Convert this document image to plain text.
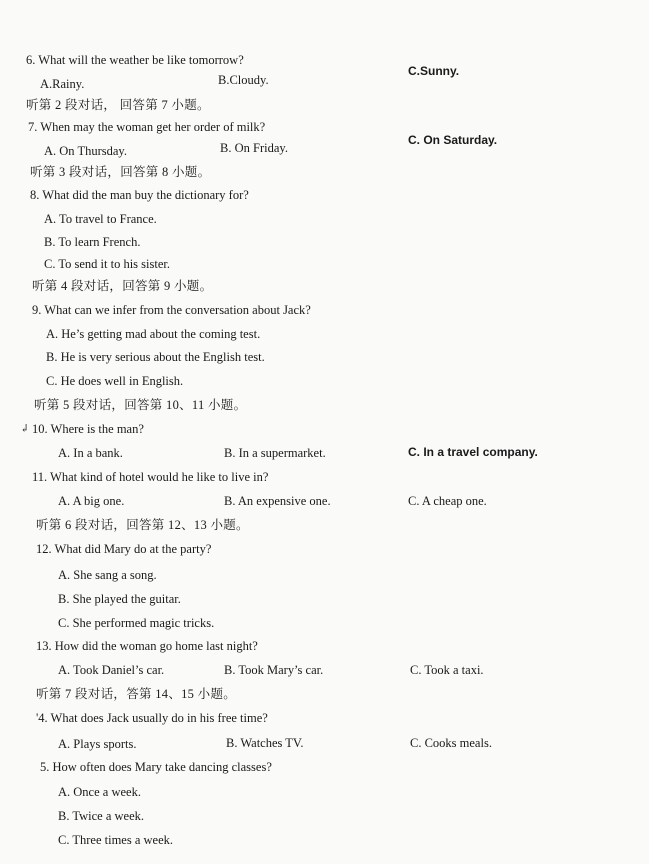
6. What will the weather be like tomorrow?
A.Rainy.	B.Cloudy.
C.Sunny.
听第 2 段对话， 回答第 7 小题。
7. When may the woman get her order of milk?
A. On Thursday.	B. On Friday.
C. On Saturday.
听第 3 段对话，回答第 8 小题。
8. What did the man buy the dictionary for?
A. To travel to France.
B. To learn French.
C. To send it to his sister.
听第 4 段对话，回答第 9 小题。
9. What can we infer from the conversation about Jack?
A. He’s getting mad about the coming test.
B. He is very serious about the English test.
C. He does well in English.
听第 5 段对话，回答第 10、11 小题。
↲ 10. Where is the man?
A. In a bank.	B. In a supermarket.	C. In a travel company.
11. What kind of hotel would he like to live in?
A. A big one.	B. An expensive one.	C. A cheap one.
听第 6 段对话，回答第 12、13 小题。
12. What did Mary do at the party?
A. She sang a song.
B. She played the guitar.
C. She performed magic tricks.
13. How did the woman go home last night?
A. Took Daniel’s car.	B. Took Mary’s car.	C. Took a taxi.
听第 7 段对话，答第 14、15 小题。
'4. What does Jack usually do in his free time?
A. Plays sports.	B. Watches TV.	C. Cooks meals.
5. How often does Mary take dancing classes?
A. Once a week.
B. Twice a week.
C. Three times a week.
